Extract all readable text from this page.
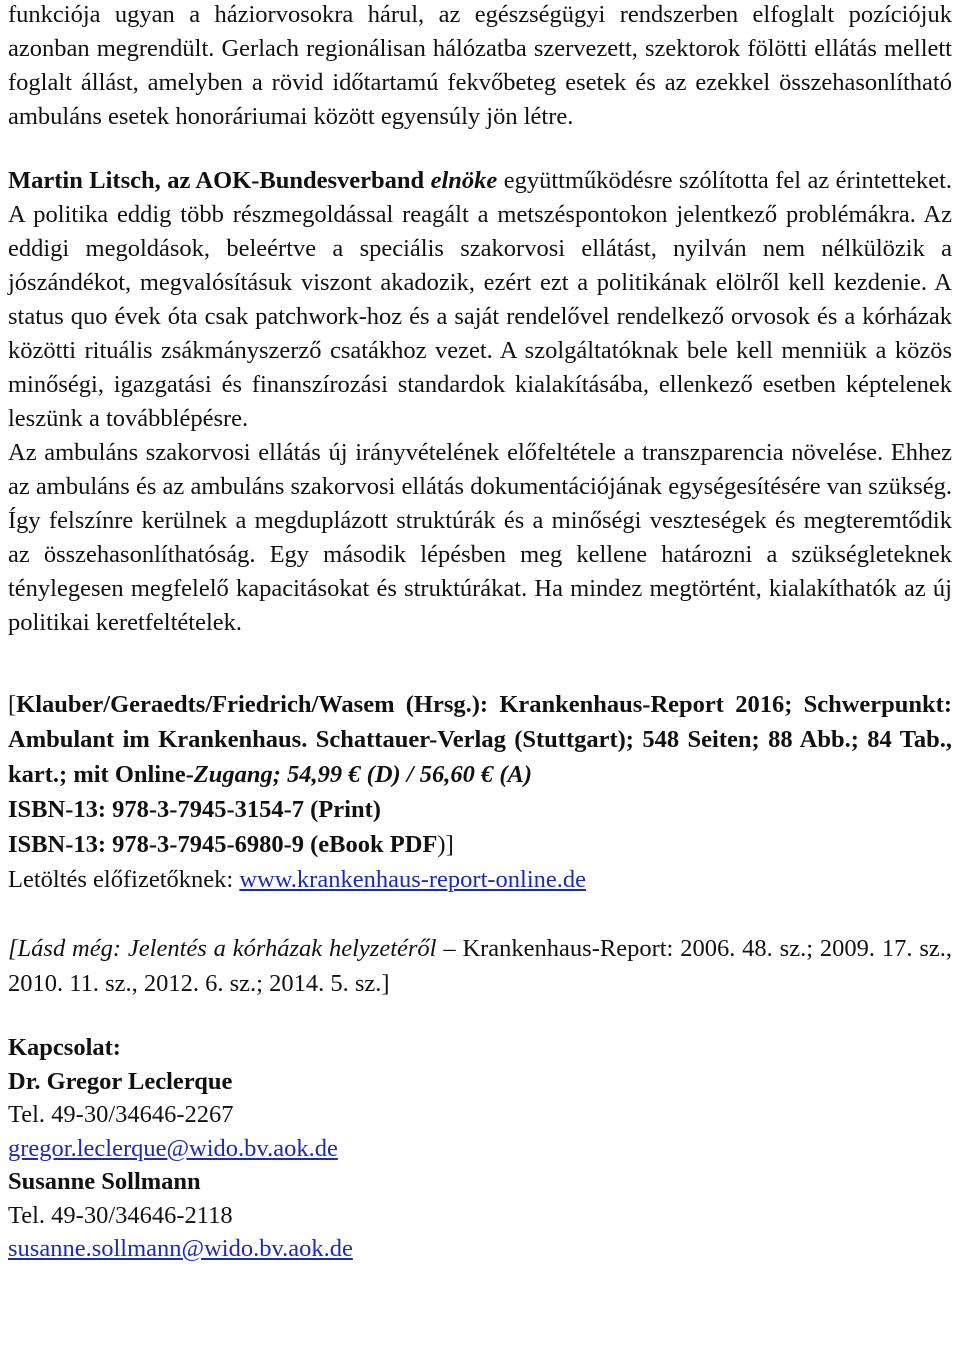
funkciója ugyan a háziorvosokra hárul, az egészségügyi rendszerben elfoglalt pozíciójuk azonban megrendült. Gerlach regionálisan hálózatba szervezett, szektorok fölötti ellátás mellett foglalt állást, amelyben a rövid időtartamú fekvőbeteg esetek és az ezekkel összehasonlítható ambuláns esetek honoráriumai között egyensúly jön létre.

Martin Litsch, az AOK-Bundesverband elnöke együttműködésre szólította fel az érintetteket. A politika eddig több részmegoldással reagált a metszéspontokon jelentkező problémákra. Az eddigi megoldások, beleértve a speciális szakorvosi ellátást, nyilván nem nélkülözik a jószándékot, megvalósításuk viszont akadozik, ezért ezt a politikának elölről kell kezdenie. A status quo évek óta csak patchwork-hoz és a saját rendelővel rendelkező orvosok és a kórházak közötti rituális zsákmányszerző csatákhoz vezet. A szolgáltatóknak bele kell menniük a közös minőségi, igazgatási és finanszírozási standardok kialakításába, ellenkező esetben képtelenek leszünk a továbblépésre.

Az ambuláns szakorvosi ellátás új irányvételének előfeltétele a transzparencia növelése. Ehhez az ambuláns és az ambuláns szakorvosi ellátás dokumentációjának egységesítésére van szükség. Így felszínre kerülnek a megduplázott struktúrák és a minőségi veszteségek és megteremtődik az összehasonlíthatóság. Egy második lépésben meg kellene határozni a szükségleteknek ténylegesen megfelelő kapacitásokat és struktúrákat. Ha mindez megtörtént, kialakíthatók az új politikai keretfeltételek.

[Klauber/Geraedts/Friedrich/Wasem (Hrsg.): Krankenhaus-Report 2016; Schwerpunkt: Ambulant im Krankenhaus. Schattauer-Verlag (Stuttgart); 548 Seiten; 88 Abb.; 84 Tab., kart.; mit Online-Zugang; 54,99 € (D) / 56,60 € (A)

ISBN-13: 978-3-7945-3154-7 (Print)

ISBN-13: 978-3-7945-6980-9 (eBook PDF)]

Letöltés előfizetőknek: www.krankenhaus-report-online.de

[Lásd még: Jelentés a kórházak helyzetéről – Krankenhaus-Report: 2006. 48. sz.; 2009. 17. sz., 2010. 11. sz., 2012. 6. sz.; 2014. 5. sz.]

Kapcsolat:

Dr. Gregor Leclerque

Tel. 49-30/34646-2267

gregor.leclerque@wido.bv.aok.de

Susanne Sollmann

Tel. 49-30/34646-2118

susanne.sollmann@wido.bv.aok.de
